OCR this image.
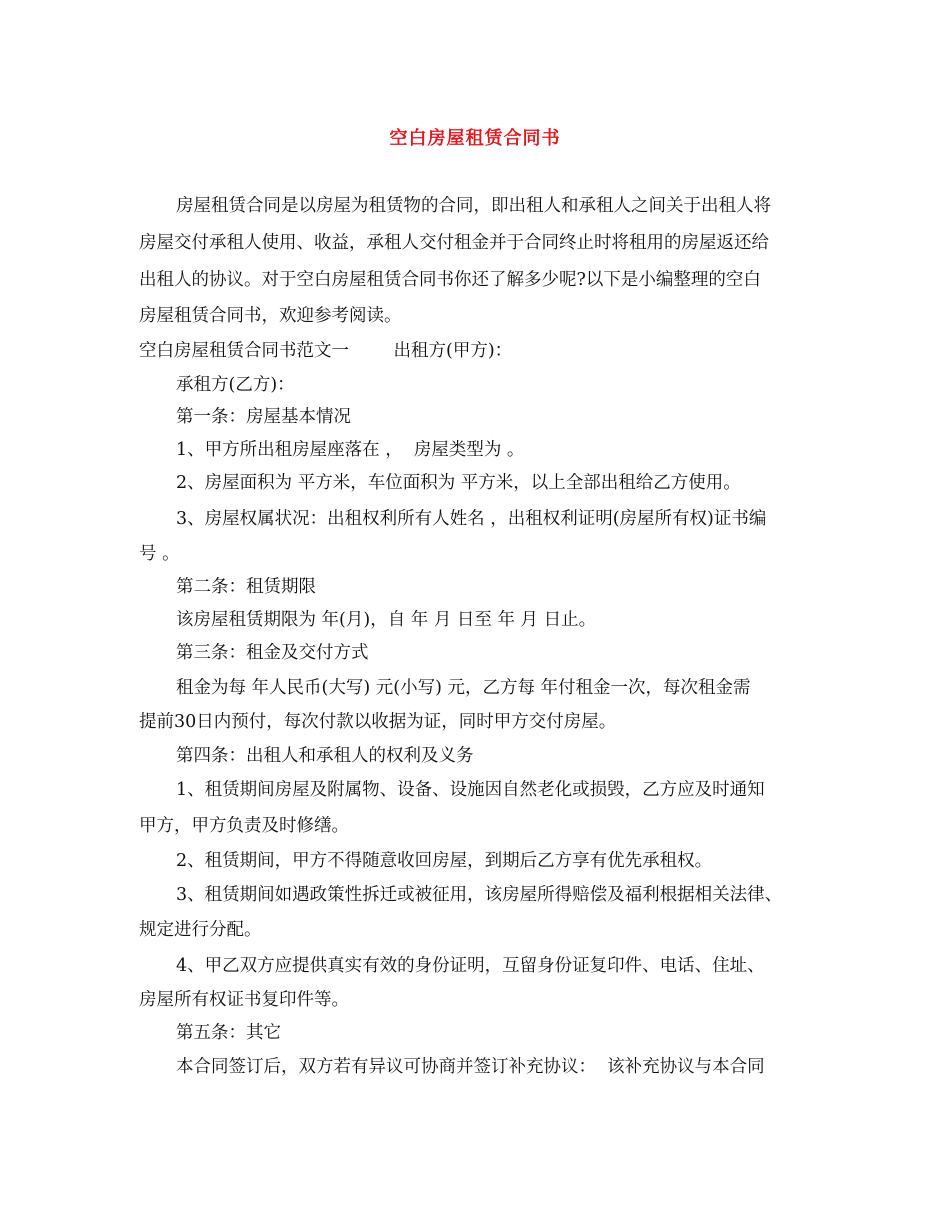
空白房屋租赁合同书
房屋租赁合同是以房屋为租赁物的合同，即出租人和承租人之间关于出租人将
房屋交付承租人使用、收益，承租人交付租金并于合同终止时将租用的房屋返还给
出租人的协议。对于空白房屋租赁合同书你还了解多少呢?以下是小编整理的空白
房屋租赁合同书，欢迎参考阅读。
空白房屋租赁合同书范文一        出租方(甲方)：
承租方(乙方)：
第一条：房屋基本情况
1、甲方所出租房屋座落在 ，  房屋类型为 。
2、房屋面积为 平方米，车位面积为 平方米，以上全部出租给乙方使用。
3、房屋权属状况：出租权利所有人姓名 ，出租权利证明(房屋所有权)证书编
号 。
第二条：租赁期限
该房屋租赁期限为 年(月)，自 年 月 日至 年 月 日止。
第三条：租金及交付方式
租金为每 年人民币(大写) 元(小写) 元，乙方每 年付租金一次，每次租金需
提前30日内预付，每次付款以收据为证，同时甲方交付房屋。
第四条：出租人和承租人的权利及义务
1、租赁期间房屋及附属物、设备、设施因自然老化或损毁，乙方应及时通知
甲方，甲方负责及时修缮。
2、租赁期间，甲方不得随意收回房屋，到期后乙方享有优先承租权。
3、租赁期间如遇政策性拆迁或被征用，该房屋所得赔偿及福利根据相关法律、
规定进行分配。
4、甲乙双方应提供真实有效的身份证明，互留身份证复印件、电话、住址、
房屋所有权证书复印件等。
第五条：其它
本合同签订后，双方若有异议可协商并签订补充协议：  该补充协议与本合同
